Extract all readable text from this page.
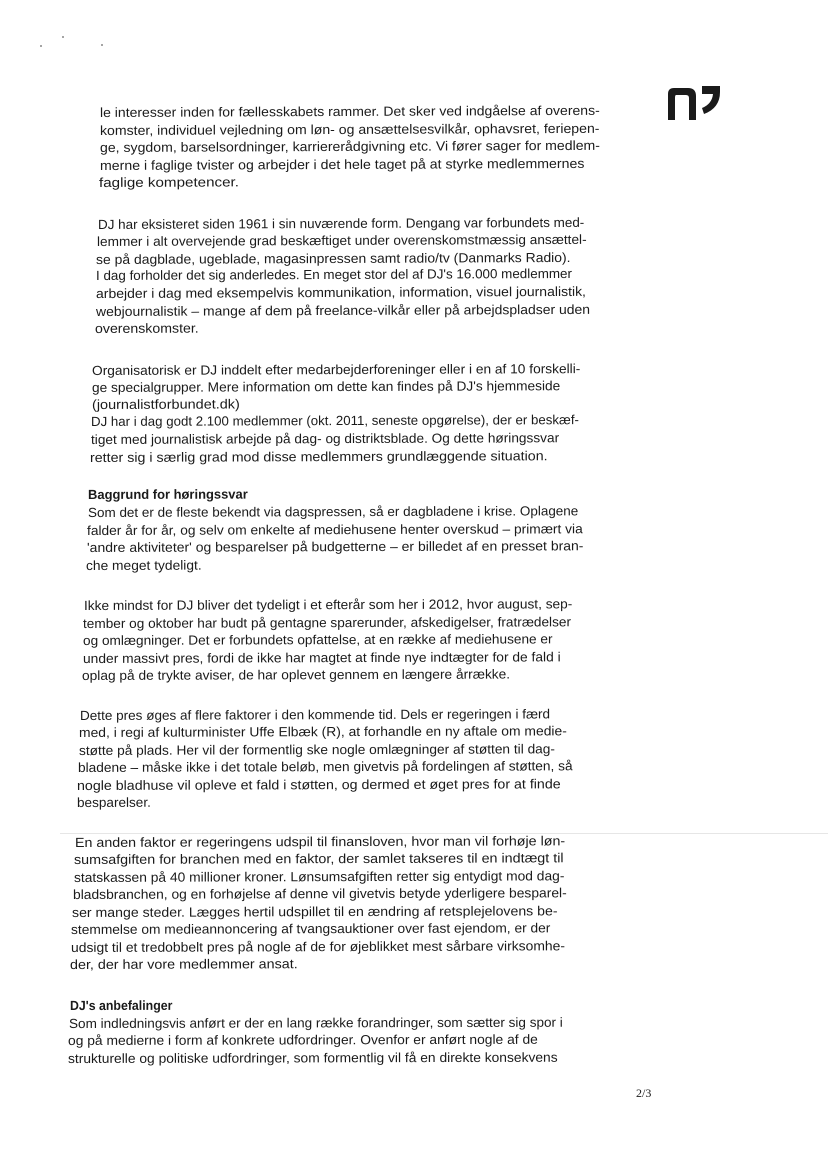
le interesser inden for fællesskabets rammer. Det sker ved indgåelse af overens-
komster, individuel vejledning om løn- og ansættelsesvilkår, ophavsret, feriepen-
ge, sygdom, barselsordninger, karriererådgivning etc. Vi fører sager for medlem-
merne i faglige tvister og arbejder i det hele taget på at styrke medlemmernes
faglige kompetencer.
DJ har eksisteret siden 1961 i sin nuværende form. Dengang var forbundets med-
lemmer i alt overvejende grad beskæftiget under overenskomstmæssig ansættel-
se på dagblade, ugeblade, magasinpressen samt radio/tv (Danmarks Radio).
I dag forholder det sig anderledes. En meget stor del af DJ's 16.000 medlemmer
arbejder i dag med eksempelvis kommunikation, information, visuel journalistik,
webjournalistik – mange af dem på freelance-vilkår eller på arbejdspladser uden
overenskomster.
Organisatorisk er DJ inddelt efter medarbejderforeninger eller i en af 10 forskelli-
ge specialgrupper. Mere information om dette kan findes på DJ's hjemmeside
(journalistforbundet.dk)
DJ har i dag godt 2.100 medlemmer (okt. 2011, seneste opgørelse), der er beskæf-
tiget med journalistisk arbejde på dag- og distriktsblade. Og dette høringssvar
retter sig i særlig grad mod disse medlemmers grundlæggende situation.
Baggrund for høringssvar
Som det er de fleste bekendt via dagspressen, så er dagbladene i krise. Oplagene
falder år for år, og selv om enkelte af mediehusene henter overskud – primært via
'andre aktiviteter' og besparelser på budgetterne – er billedet af en presset bran-
che meget tydeligt.
Ikke mindst for DJ bliver det tydeligt i et efterår som her i 2012, hvor august, sep-
tember og oktober har budt på gentagne sparerunder, afskedigelser, fratrædelser
og omlægninger. Det er forbundets opfattelse, at en række af mediehusene er
under massivt pres, fordi de ikke har magtet at finde nye indtægter for de fald i
oplag på de trykte aviser, de har oplevet gennem en længere årrække.
Dette pres øges af flere faktorer i den kommende tid. Dels er regeringen i færd
med, i regi af kulturminister Uffe Elbæk (R), at forhandle en ny aftale om medie-
støtte på plads. Her vil der formentlig ske nogle omlægninger af støtten til dag-
bladene – måske ikke i det totale beløb, men givetvis på fordelingen af støtten, så
nogle bladhuse vil opleve et fald i støtten, og dermed et øget pres for at finde
besparelser.
En anden faktor er regeringens udspil til finansloven, hvor man vil forhøje løn-
sumsafgiften for branchen med en faktor, der samlet takseres til en indtægt til
statskassen på 40 millioner kroner. Lønsumsafgiften retter sig entydigt mod dag-
bladsbranchen, og en forhøjelse af denne vil givetvis betyde yderligere besparel-
ser mange steder. Lægges hertil udspillet til en ændring af retsplejelovens be-
stemmelse om medieannoncering af tvangsauktioner over fast ejendom, er der
udsigt til et tredobbelt pres på nogle af de for øjeblikket mest sårbare virksomhe-
der, der har vore medlemmer ansat.
DJ's anbefalinger
Som indledningsvis anført er der en lang række forandringer, som sætter sig spor i
og på medierne i form af konkrete udfordringer. Ovenfor er anført nogle af de
strukturelle og politiske udfordringer, som formentlig vil få en direkte konsekvens
2/3
